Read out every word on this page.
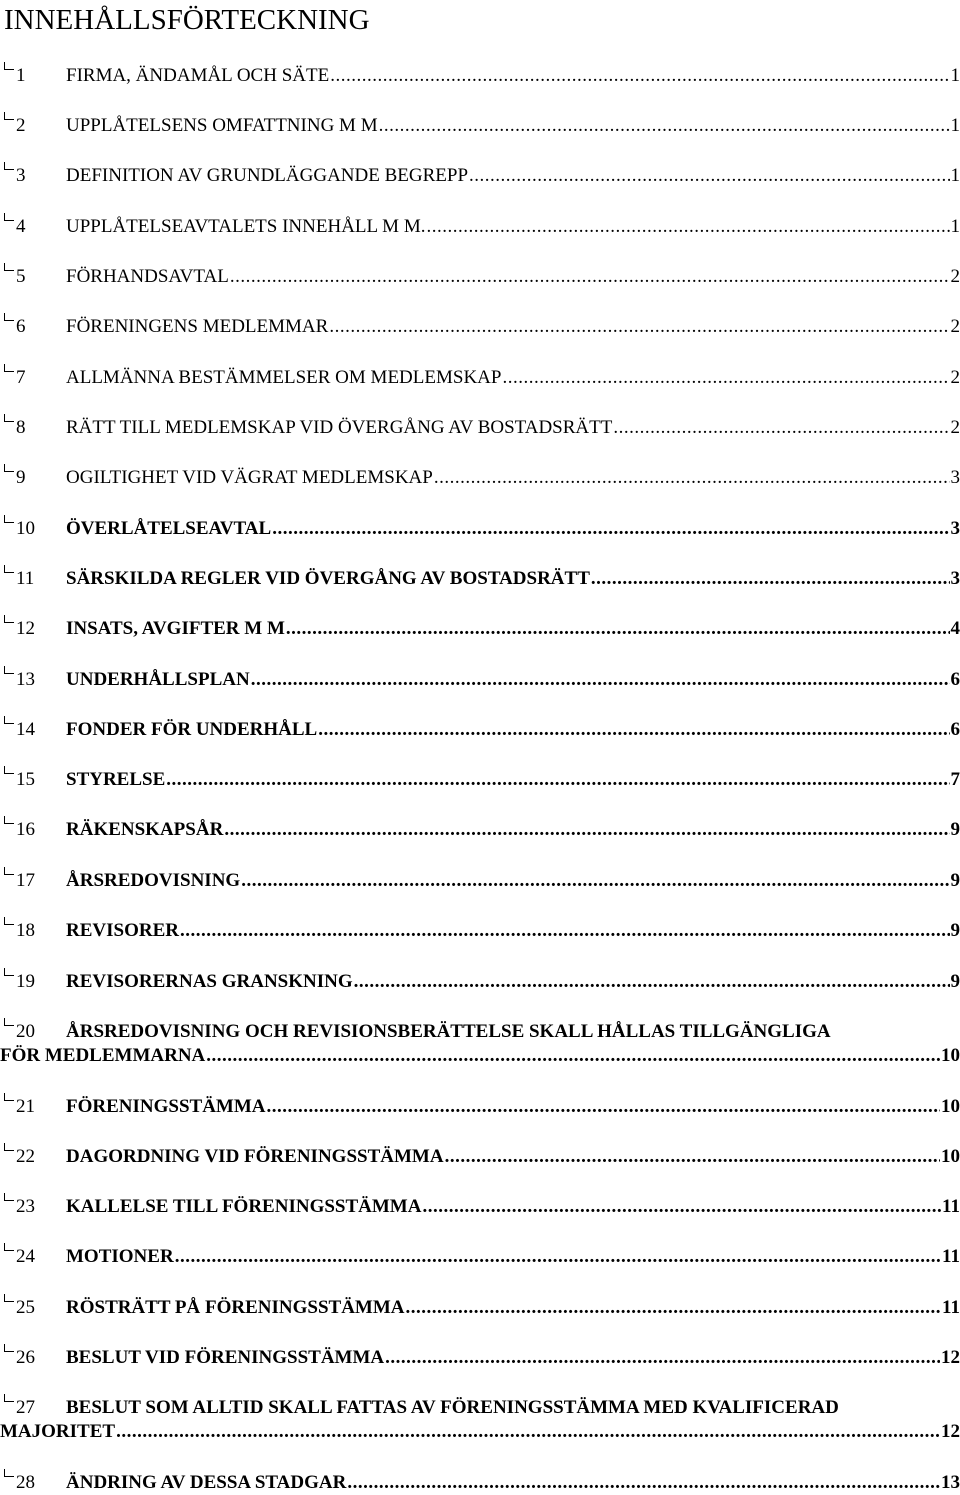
INNEHÅLLSFÖRTECKNING
1	FIRMA, ÄNDAMÅL OCH SÄTE .....	1
2	UPPLÅTELSENS OMFATTNING M M .....	1
3	DEFINITION AV GRUNDLÄGGANDE BEGREPP .....	1
4	UPPLÅTELSEAVTALETS INNEHÅLL M M. .....	1
5	FÖRHANDSAVTAL .....	2
6	FÖRENINGENS MEDLEMMAR .....	2
7	ALLMÄNNA BESTÄMMELSER OM MEDLEMSKAP .....	2
8	RÄTT TILL MEDLEMSKAP VID ÖVERGÅNG AV BOSTADSRÄTT .....	2
9	OGILTIGHET VID VÄGRAT MEDLEMSKAP .....	3
10	ÖVERLÅTELSEAVTAL .....	3
11	SÄRSKILDA REGLER VID ÖVERGÅNG AV BOSTADSRÄTT .....	3
12	INSATS, AVGIFTER M M .....	4
13	UNDERHÅLLSPLAN .....	6
14	FONDER FÖR UNDERHÅLL .....	6
15	STYRELSE .....	7
16	RÄKENSKAPSÅR .....	9
17	ÅRSREDOVISNING .....	9
18	REVISORER .....	9
19	REVISORERNAS GRANSKNING .....	9
20	ÅRSREDOVISNING OCH REVISIONSBERÄTTELSE SKALL HÅLLAS TILLGÄNGLIGA
FÖR MEDLEMMARNA .....	10
21	FÖRENINGSSTÄMMA .....	10
22	DAGORDNING VID FÖRENINGSSTÄMMA .....	10
23	KALLELSE TILL FÖRENINGSSTÄMMA .....	11
24	MOTIONER .....	11
25	RÖSTRÄTT PÅ FÖRENINGSSTÄMMA .....	11
26	BESLUT VID FÖRENINGSSTÄMMA .....	12
27	BESLUT SOM ALLTID SKALL FATTAS AV FÖRENINGSSTÄMMA MED KVALIFICERAD
MAJORITET .....	12
28	ÄNDRING AV DESSA STADGAR .....	13
